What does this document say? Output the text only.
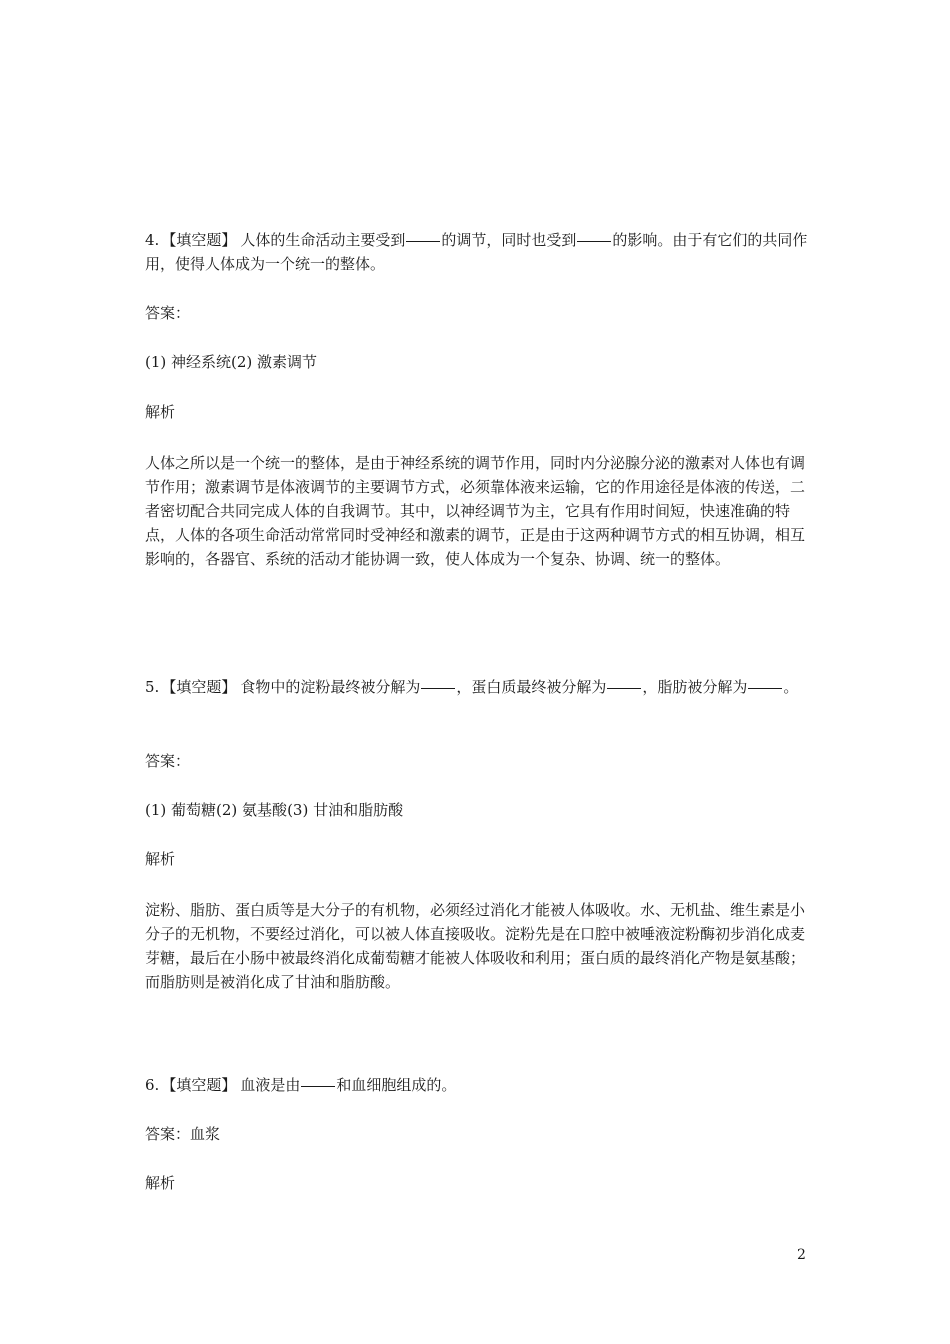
4. 【填空题】 人体的生命活动主要受到 的调节，同时也受到 的影响。由于有它们的共同作用，使得人体成为一个统一的整体。

答案：

(1) 神经系统(2) 激素调节

解析

人体之所以是一个统一的整体，是由于神经系统的调节作用，同时内分泌腺分泌的激素对人体也有调节作用；激素调节是体液调节的主要调节方式，必须靠体液来运输，它的作用途径是体液的传送，二者密切配合共同完成人体的自我调节。其中，以神经调节为主，它具有作用时间短，快速准确的特点，人体的各项生命活动常常同时受神经和激素的调节，正是由于这两种调节方式的相互协调，相互影响的，各器官、系统的活动才能协调一致，使人体成为一个复杂、协调、统一的整体。

5. 【填空题】 食物中的淀粉最终被分解为 ，蛋白质最终被分解为 ，脂肪被分解为 。

答案：

(1) 葡萄糖(2) 氨基酸(3) 甘油和脂肪酸

解析

淀粉、脂肪、蛋白质等是大分子的有机物，必须经过消化才能被人体吸收。水、无机盐、维生素是小分子的无机物，不要经过消化，可以被人体直接吸收。淀粉先是在口腔中被唾液淀粉酶初步消化成麦芽糖，最后在小肠中被最终消化成葡萄糖才能被人体吸收和利用；蛋白质的最终消化产物是氨基酸；而脂肪则是被消化成了甘油和脂肪酸。

6. 【填空题】 血液是由 和血细胞组成的。

答案：血浆

解析

2
